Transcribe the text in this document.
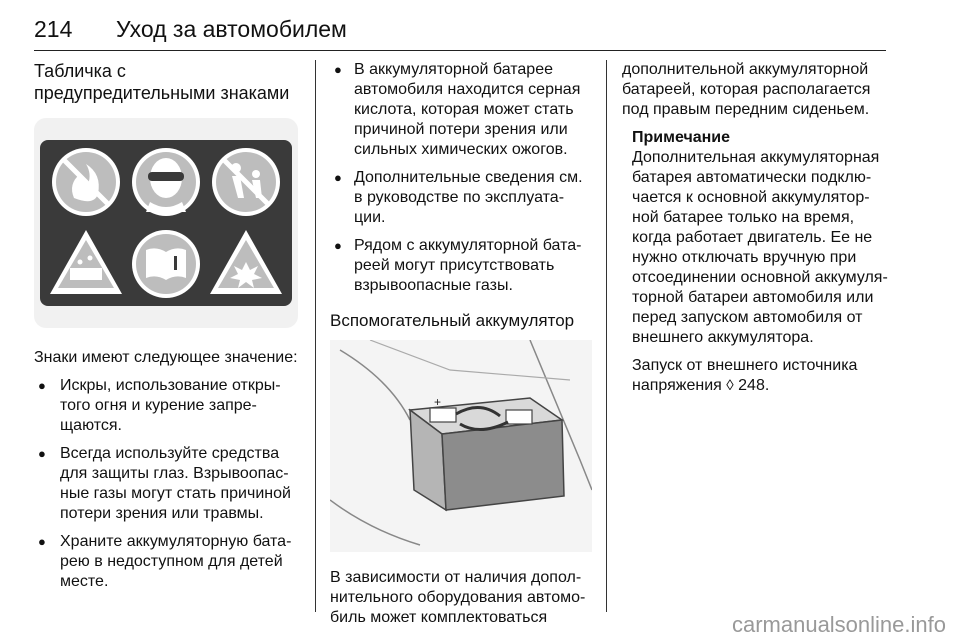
214 Уход за автомобилем
Табличка с
предупредительными знаками

Знаки имеют следующее значение:

● Искры, использование откры-
того огня и курение запре-
щаются.
● Всегда используйте средства
для защиты глаз. Взрывоопас-
ные газы могут стать причиной
потери зрения или травмы.
● Храните аккумуляторную бата-
рею в недоступном для детей
месте.
● В аккумуляторной батарее
автомобиля находится серная
кислота, которая может стать
причиной потери зрения или
сильных химических ожогов.
● Дополнительные сведения см.
в руководстве по эксплуата-
ции.
● Рядом с аккумуляторной бата-
реей могут присутствовать
взрывоопасные газы.
Вспомогательный аккумулятор
+

В зависимости от наличия допол-
нительного оборудования автомо-
биль может комплектоваться

дополнительной аккумуляторной
батареей, которая располагается
под правым передним сиденьем.

Примечание

Дополнительная аккумуляторная
батарея автоматически подклю-
чается к основной аккумулятор-
ной батарее только на время,
когда работает двигатель. Ее не
нужно отключать вручную при
отсоединении основной аккумуля-
торной батареи автомобиля или
перед запуском автомобиля от
внешнего аккумулятора.

Запуск от внешнего источника
напряжения ◊ 248.

carmanualsonline.info
